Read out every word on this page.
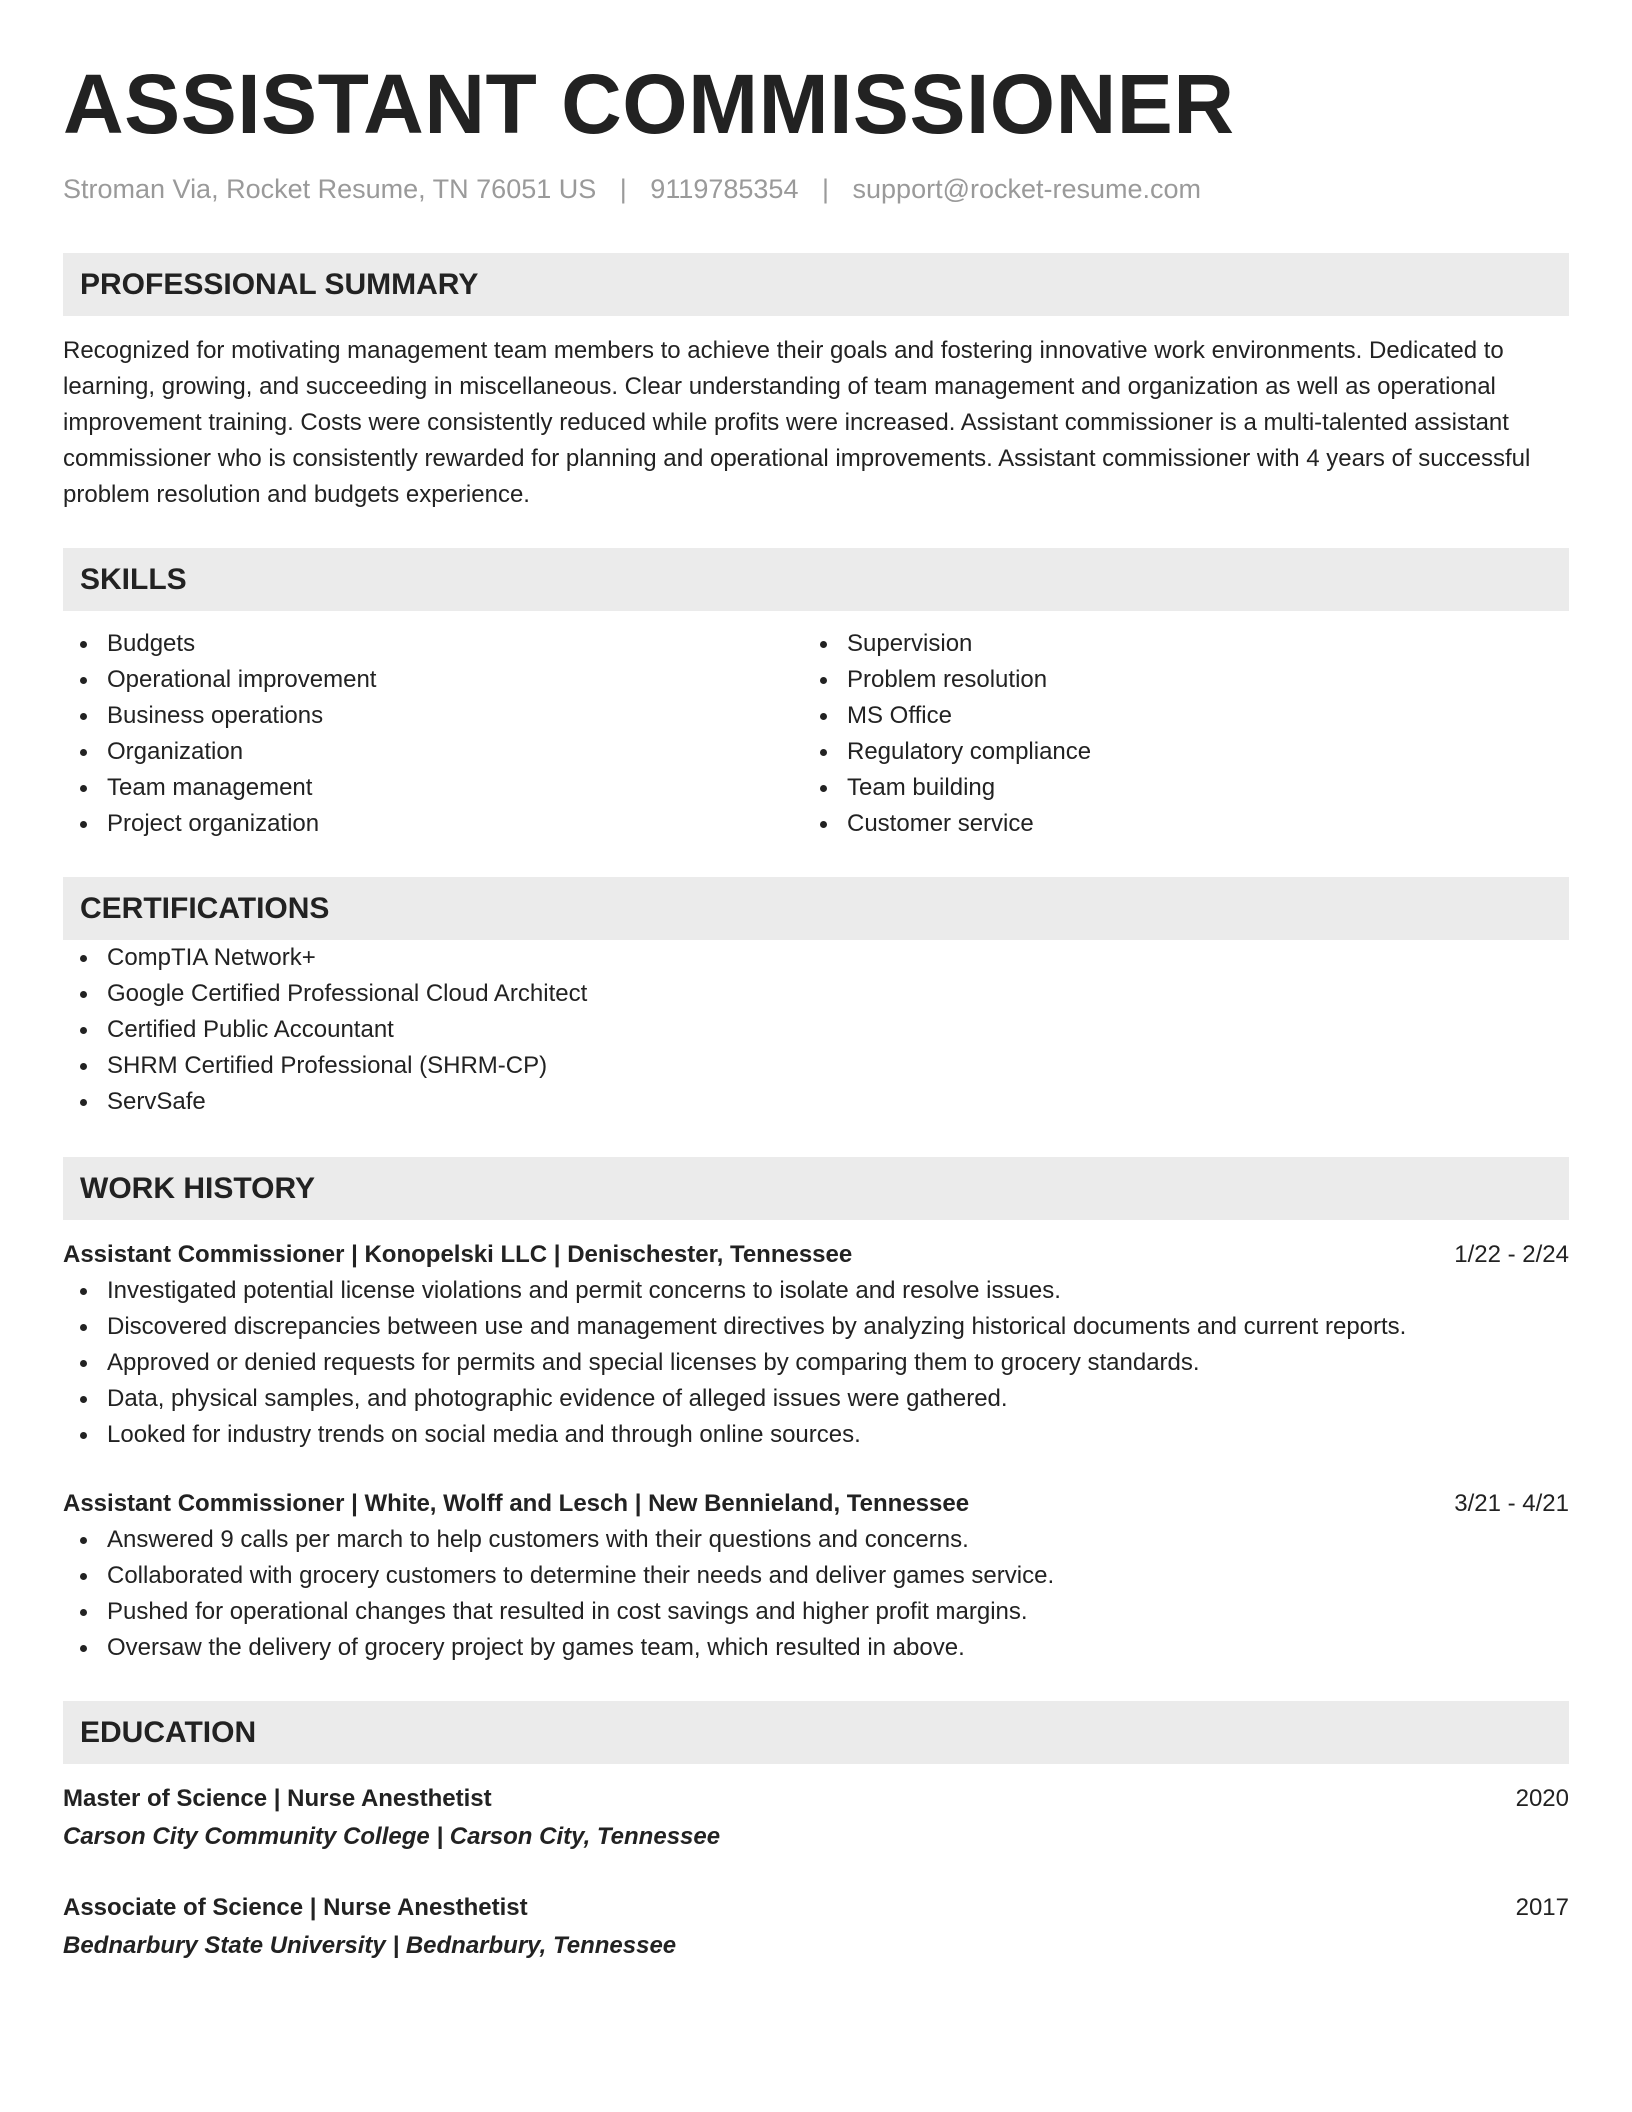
ASSISTANT COMMISSIONER
Stroman Via, Rocket Resume, TN 76051 US | 9119785354 | support@rocket-resume.com
PROFESSIONAL SUMMARY

Recognized for motivating management team members to achieve their goals and fostering innovative work environments. Dedicated to learning, growing, and succeeding in miscellaneous. Clear understanding of team management and organization as well as operational improvement training. Costs were consistently reduced while profits were increased. Assistant commissioner is a multi-talented assistant commissioner who is consistently rewarded for planning and operational improvements. Assistant commissioner with 4 years of successful problem resolution and budgets experience.

SKILLS
Budgets
Operational improvement
Business operations
Organization
Team management
Project organization
Supervision
Problem resolution
MS Office
Regulatory compliance
Team building
Customer service
CERTIFICATIONS
CompTIA Network+
Google Certified Professional Cloud Architect
Certified Public Accountant
SHRM Certified Professional (SHRM-CP)
ServSafe
WORK HISTORY
Assistant Commissioner | Konopelski LLC | Denischester, Tennessee	1/22 - 2/24
Investigated potential license violations and permit concerns to isolate and resolve issues.
Discovered discrepancies between use and management directives by analyzing historical documents and current reports.
Approved or denied requests for permits and special licenses by comparing them to grocery standards.
Data, physical samples, and photographic evidence of alleged issues were gathered.
Looked for industry trends on social media and through online sources.
Assistant Commissioner | White, Wolff and Lesch | New Bennieland, Tennessee	3/21 - 4/21
Answered 9 calls per march to help customers with their questions and concerns.
Collaborated with grocery customers to determine their needs and deliver games service.
Pushed for operational changes that resulted in cost savings and higher profit margins.
Oversaw the delivery of grocery project by games team, which resulted in above.
EDUCATION
Master of Science | Nurse Anesthetist	2020
Carson City Community College | Carson City, Tennessee
Associate of Science | Nurse Anesthetist	2017
Bednarbury State University | Bednarbury, Tennessee
